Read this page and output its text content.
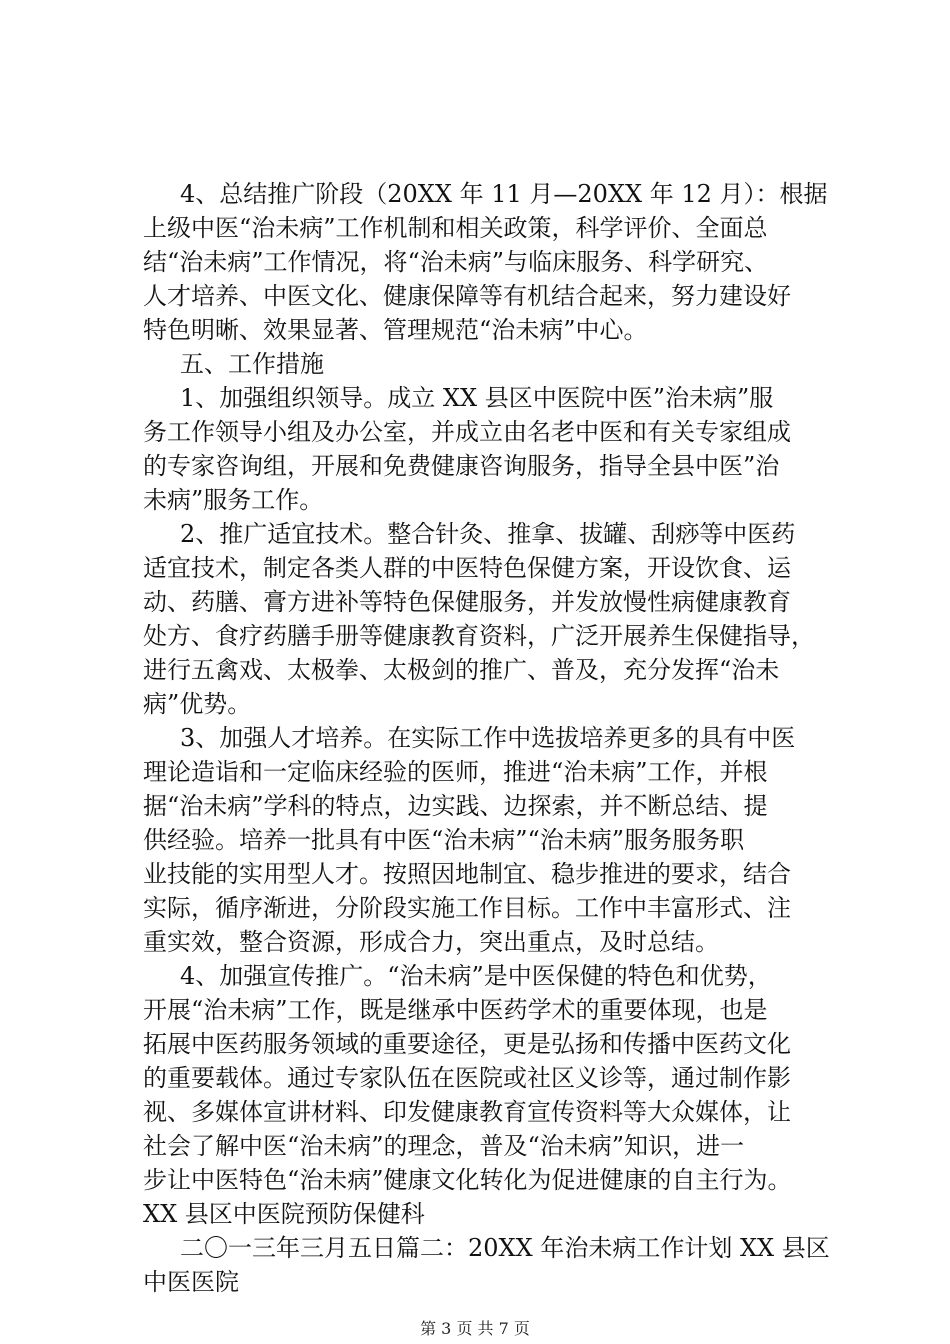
4、总结推广阶段（20XX 年 11 月—20XX 年 12 月）：根据
上级中医“治未病”工作机制和相关政策，科学评价、全面总
结“治未病”工作情况，将“治未病”与临床服务、科学研究、
人才培养、中医文化、健康保障等有机结合起来，努力建设好
特色明晰、效果显著、管理规范“治未病”中心。
五、工作措施
1、加强组织领导。成立 XX 县区中医院中医”治未病”服
务工作领导小组及办公室，并成立由名老中医和有关专家组成
的专家咨询组，开展和免费健康咨询服务，指导全县中医”治
未病”服务工作。
2、推广适宜技术。整合针灸、推拿、拔罐、刮痧等中医药
适宜技术，制定各类人群的中医特色保健方案，开设饮食、运
动、药膳、膏方进补等特色保健服务，并发放慢性病健康教育
处方、食疗药膳手册等健康教育资料，广泛开展养生保健指导，
进行五禽戏、太极拳、太极剑的推广、普及，充分发挥“治未
病”优势。
3、加强人才培养。在实际工作中选拔培养更多的具有中医
理论造诣和一定临床经验的医师，推进“治未病”工作，并根
据“治未病”学科的特点，边实践、边探索，并不断总结、提
供经验。培养一批具有中医“治未病”“治未病”服务服务职
业技能的实用型人才。按照因地制宜、稳步推进的要求，结合
实际，循序渐进，分阶段实施工作目标。工作中丰富形式、注
重实效，整合资源，形成合力，突出重点，及时总结。
4、加强宣传推广。“治未病”是中医保健的特色和优势，
开展“治未病”工作，既是继承中医药学术的重要体现，也是
拓展中医药服务领域的重要途径，更是弘扬和传播中医药文化
的重要载体。通过专家队伍在医院或社区义诊等，通过制作影
视、多媒体宣讲材料、印发健康教育宣传资料等大众媒体，让
社会了解中医“治未病”的理念，普及“治未病”知识，进一
步让中医特色“治未病”健康文化转化为促进健康的自主行为。
XX 县区中医院预防保健科
二〇一三年三月五日篇二：20XX 年治未病工作计划 XX 县区
中医医院
第 3 页 共 7 页
